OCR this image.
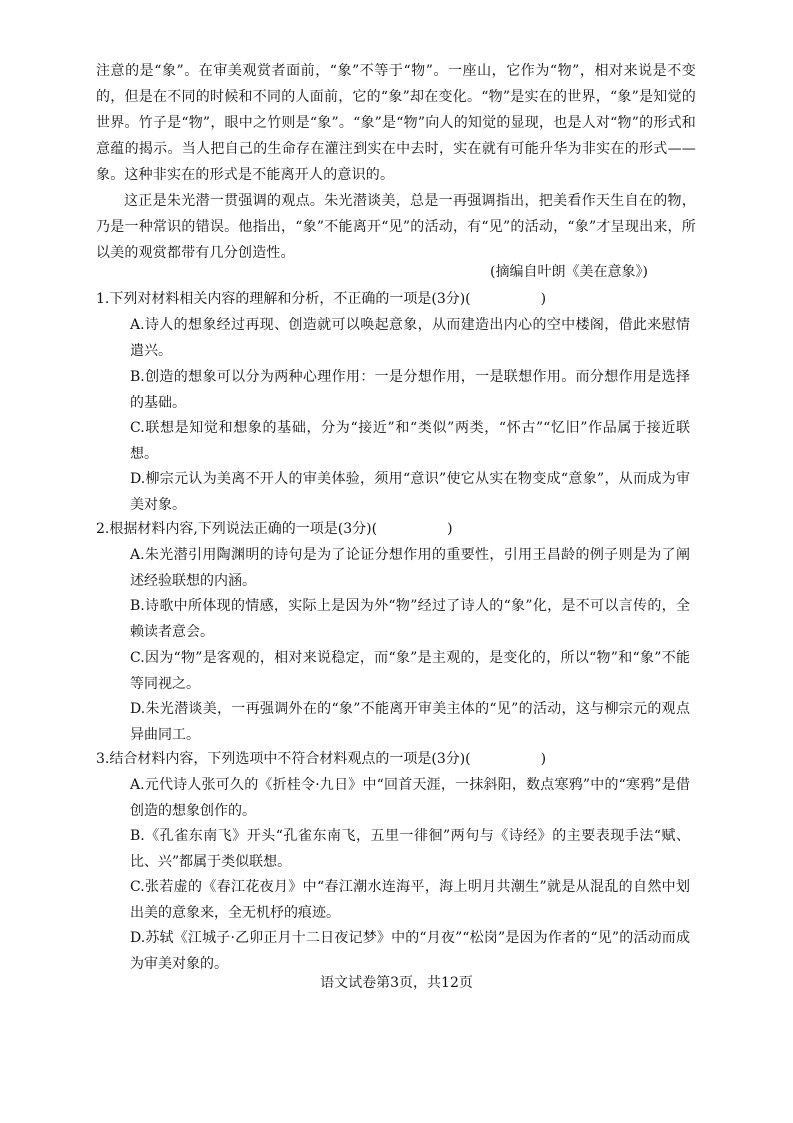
注意的是“象”。在审美观赏者面前，“象”不等于“物”。一座山，它作为“物”，相对来说是不变的，但是在不同的时候和不同的人面前，它的“象”却在变化。“物”是实在的世界，“象”是知觉的世界。竹子是“物”，眼中之竹则是“象”。“象”是“物”向人的知觉的显现，也是人对“物”的形式和意蕴的揭示。当人把自己的生命存在灌注到实在中去时，实在就有可能升华为非实在的形式——象。这种非实在的形式是不能离开人的意识的。

这正是朱光潜一贯强调的观点。朱光潜谈美，总是一再强调指出，把美看作天生自在的物，乃是一种常识的错误。他指出，“象”不能离开“见”的活动，有“见”的活动，“象”才呈现出来，所以美的观赏都带有几分创造性。

(摘编自叶朗《美在意象》)

1.下列对材料相关内容的理解和分析，不正确的一项是(3分)(	)

A.诗人的想象经过再现、创造就可以唤起意象，从而建造出内心的空中楼阁，借此来慰情遣兴。

B.创造的想象可以分为两种心理作用：一是分想作用，一是联想作用。而分想作用是选择的基础。

C.联想是知觉和想象的基础，分为“接近”和“类似”两类，“怀古”“忆旧”作品属于接近联想。

D.柳宗元认为美离不开人的审美体验，须用“意识”使它从实在物变成“意象”，从而成为审美对象。

2.根据材料内容,下列说法正确的一项是(3分)(	)

A.朱光潜引用陶渊明的诗句是为了论证分想作用的重要性，引用王昌龄的例子则是为了阐述经验联想的内涵。

B.诗歌中所体现的情感，实际上是因为外“物”经过了诗人的“象”化，是不可以言传的，全赖读者意会。

C.因为“物”是客观的，相对来说稳定，而“象”是主观的，是变化的，所以“物”和“象”不能等同视之。

D.朱光潜谈美，一再强调外在的“象”不能离开审美主体的“见”的活动，这与柳宗元的观点异曲同工。

3.结合材料内容，下列选项中不符合材料观点的一项是(3分)(	)

A.元代诗人张可久的《折桂令·九日》中“回首天涯，一抹斜阳，数点寒鸦”中的“寒鸦”是借创造的想象创作的。

B.《孔雀东南飞》开头“孔雀东南飞，五里一徘徊”两句与《诗经》的主要表现手法“赋、比、兴”都属于类似联想。

C.张若虚的《春江花夜月》中“春江潮水连海平，海上明月共潮生”就是从混乱的自然中划出美的意象来，全无机杼的痕迹。

D.苏轼《江城子·乙卯正月十二日夜记梦》中的“月夜”“松岗”是因为作者的“见”的活动而成为审美对象的。

语文试卷第3页，共12页
